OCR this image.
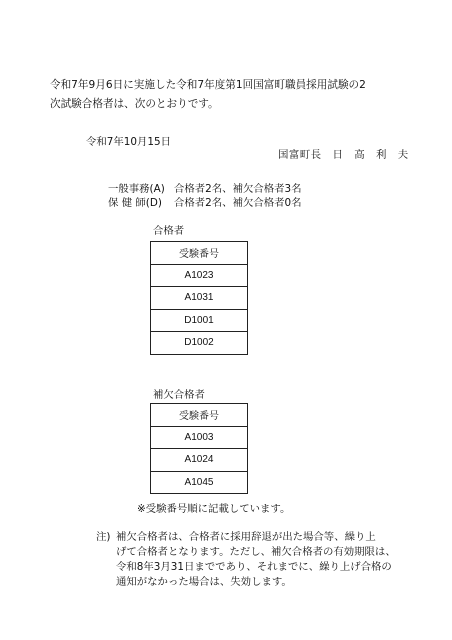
令和7年9月6日に実施した令和7年度第1回国富町職員採用試験の2
次試験合格者は、次のとおりです。
令和7年10月15日
国富町長　日　高　利　夫
一般事務(A) 合格者2名、補欠合格者3名
保 健 師(D) 合格者2名、補欠合格者0名
合格者
受験番号
A1023
A1031
D1001
D1002
補欠合格者
受験番号
A1003
A1024
A1045
※受験番号順に記載しています。
注) 補欠合格者は、合格者に採用辞退が出た場合等、繰り上
げて合格者となります。ただし、補欠合格者の有効期限は、
令和8年3月31日までであり、それまでに、繰り上げ合格の
通知がなかった場合は、失効します。
